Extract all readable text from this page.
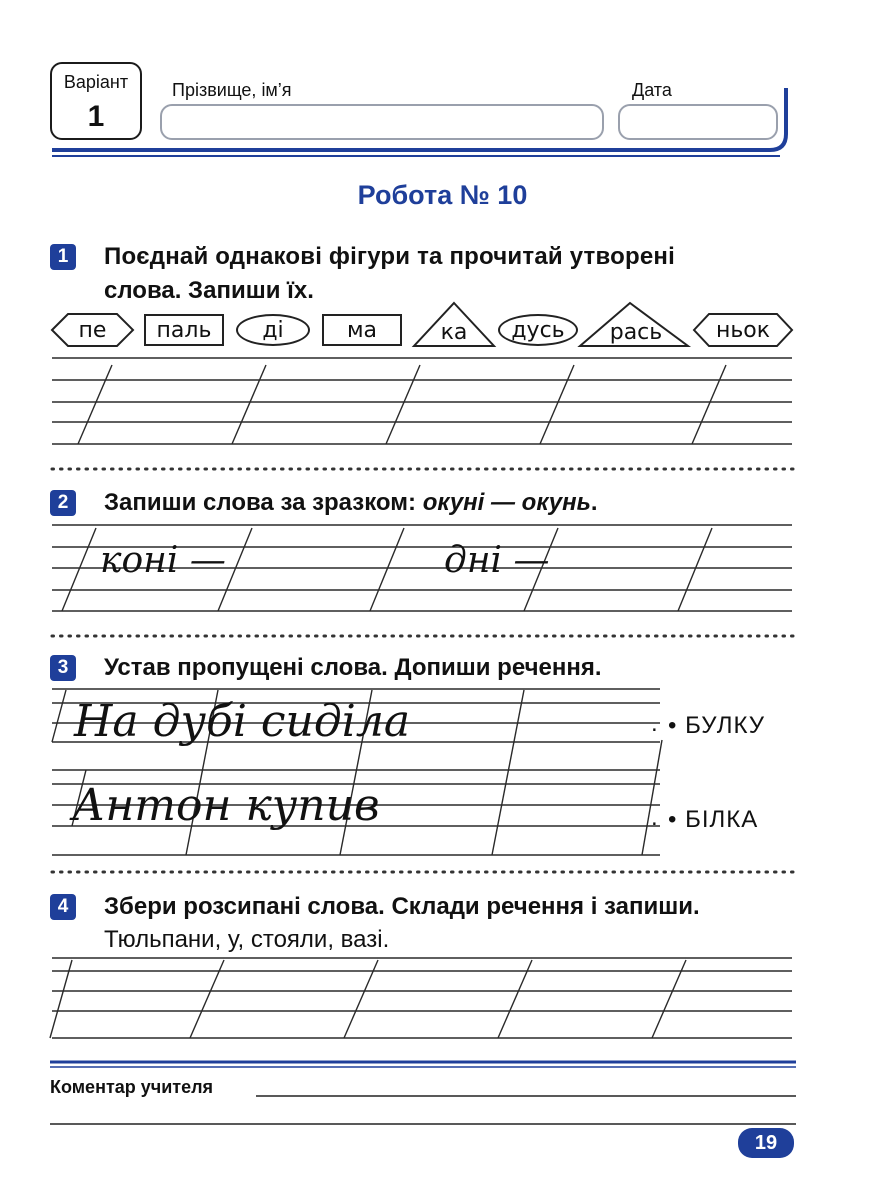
Варіант
1
Прізвище, ім’я	Дата
Робота № 10
1	Поєднай однакові фігури та прочитай утворені
слова. Запиши їх.
пе	паль	ді	ма	ка	дусь	рась	ньок
2	Запиши слова за зразком: окуні — окунь.
коні —	дні —
3	Устав пропущені слова. Допиши речення.
На дубі сиділа
Антон купив
.
.
• БУЛКУ
• БІЛКА
4	Збери розсипані слова. Склади речення і запиши.
Тюльпани, у, стояли, вазі.
Коментар учителя
19
